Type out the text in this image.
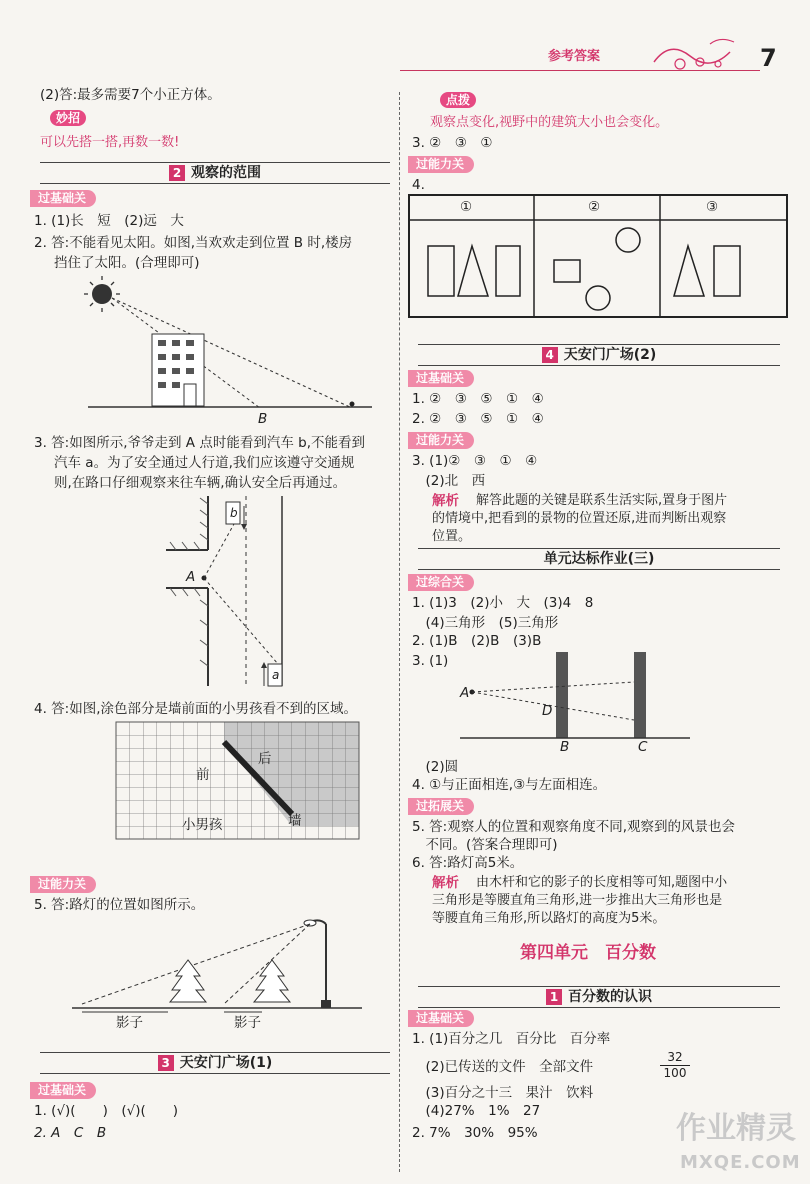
参考答案	7
(2)答:最多需要7个小正方体。
妙招
可以先搭一搭,再数一数!
2 观察的范围
过基础关
1. (1)长　短　(2)远　大
2. 答:不能看见太阳。如图,当欢欢走到位置 B 时,楼房
挡住了太阳。(合理即可)
B
3. 答:如图所示,爷爷走到 A 点时能看到汽车 b,不能看到
汽车 a。为了安全通过人行道,我们应该遵守交通规
则,在路口仔细观察来往车辆,确认安全后再通过。
A
b
a
4. 答:如图,涂色部分是墙前面的小男孩看不到的区域。
前
后
小男孩	墙
过能力关
5. 答:路灯的位置如图所示。
影子	影子
3 天安门广场(1)
过基础关
1. (√)(　　)　(√)(　　)
2. A　C　B
点拨
观察点变化,视野中的建筑大小也会变化。
3. ②　③　①
过能力关
4.
①	②	③
4 天安门广场(2)
过基础关
1. ②　③　⑤　①　④
2. ②　③　⑤　①　④
过能力关
3. (1)②　③　①　④
　(2)北　西
解析 解答此题的关键是联系生活实际,置身于图片
的情境中,把看到的景物的位置还原,进而判断出观察
位置。
单元达标作业(三)
过综合关
1. (1)3　(2)小　大　(3)4　8
　(4)三角形　(5)三角形
2. (1)B　(2)B　(3)B
3. (1)
A
D
B	C
　(2)圆
4. ①与正面相连,③与左面相连。
过拓展关
5. 答:观察人的位置和观察角度不同,观察到的风景也会
　不同。(答案合理即可)
6. 答:路灯高5米。
解析 由木杆和它的影子的长度相等可知,题图中小
三角形是等腰直角三角形,进一步推出大三角形也是
等腰直角三角形,所以路灯的高度为5米。
第四单元　百分数
1 百分数的认识
过基础关
1. (1)百分之几　百分比　百分率
　(2)已传送的文件　全部文件	$\frac{32}{100}$
　(3)百分之十三　果汁　饮料
　(4)27%　1%　27
2. 7%　30%　95%	作业精灵
MXQE.COM
